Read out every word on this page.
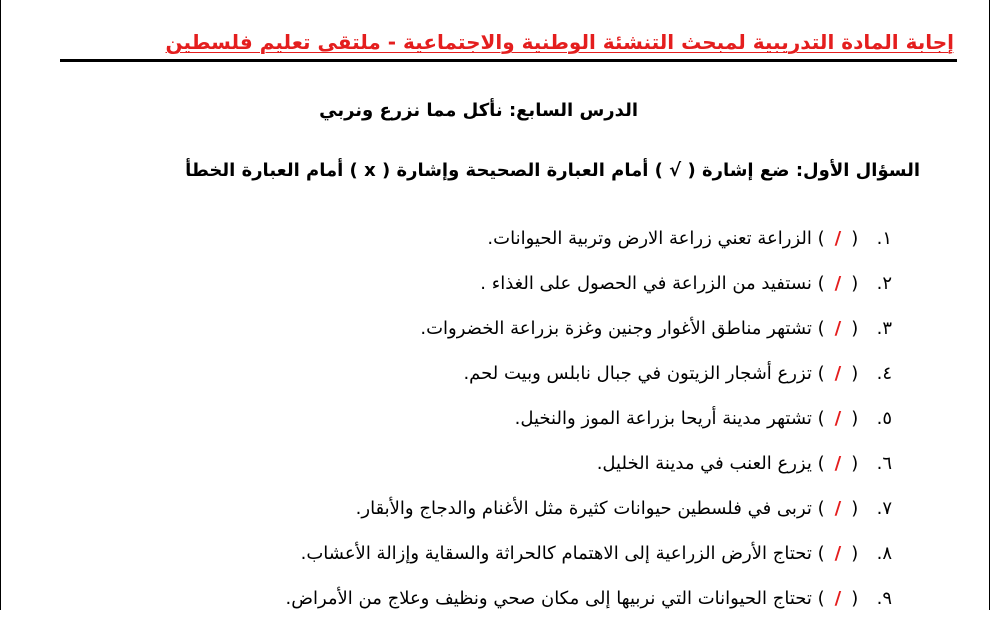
إجابة المادة التدريبية لمبحث التنشئة الوطنية والاجتماعية - ملتقى تعليم فلسطين
الدرس السابع: نأكل مما نزرع ونربي
السؤال الأول: ضع إشارة ( √ ) أمام العبارة الصحيحة وإشارة ( x ) أمام العبارة الخطأ
١. (/) الزراعة تعني زراعة الارض وتربية الحيوانات.
٢. (/) نستفيد من الزراعة في الحصول على الغذاء .
٣. (/) تشتهر مناطق الأغوار وجنين وغزة بزراعة الخضروات.
٤. (/) تزرع أشجار الزيتون في جبال نابلس وبيت لحم.
٥. (/) تشتهر مدينة أريحا بزراعة الموز والنخيل.
٦. (/) يزرع العنب في مدينة الخليل.
٧. (/) تربى في فلسطين حيوانات كثيرة مثل الأغنام والدجاج والأبقار.
٨. (/) تحتاج الأرض الزراعية إلى الاهتمام كالحراثة والسقاية وإزالة الأعشاب.
٩. (/) تحتاج الحيوانات التي نربيها إلى مكان صحي ونظيف وعلاج من الأمراض.
